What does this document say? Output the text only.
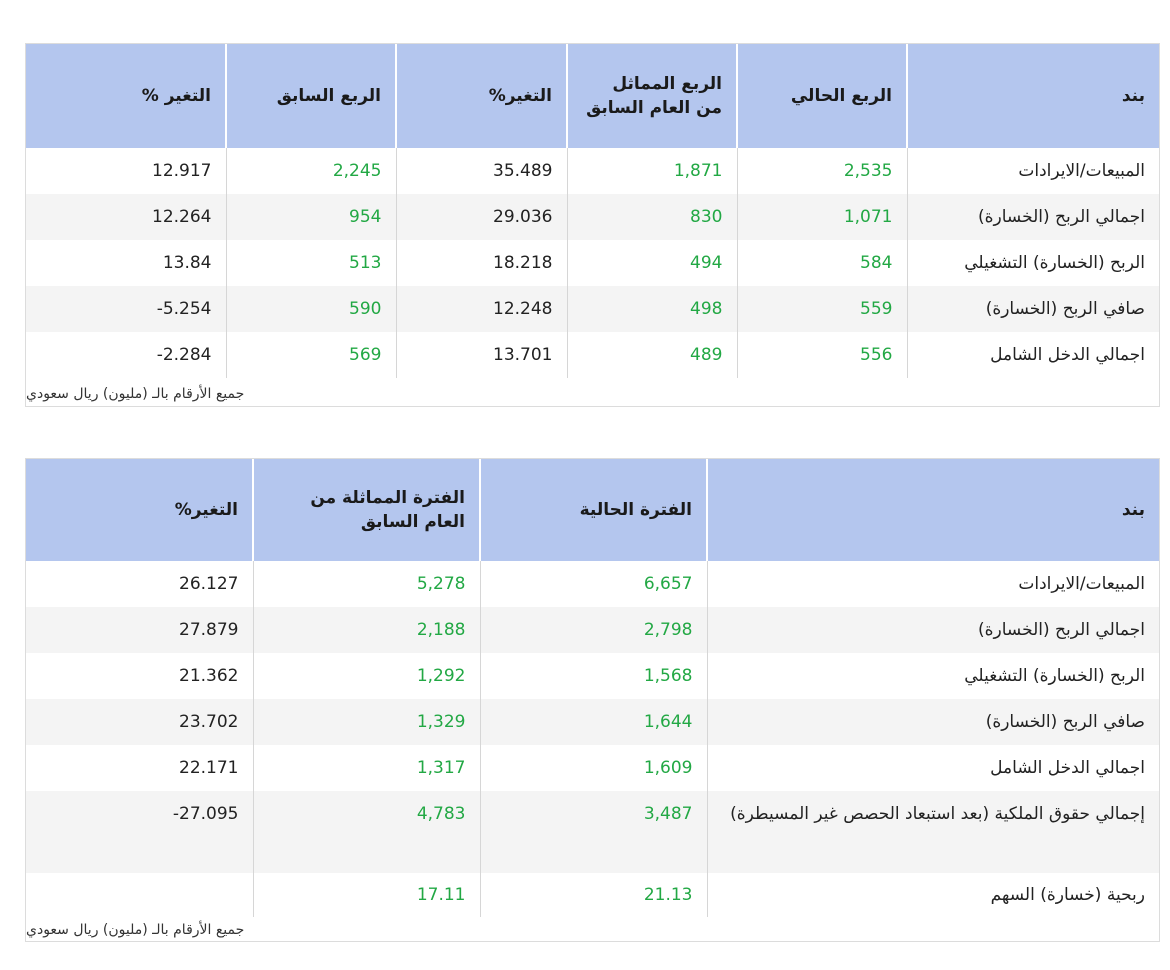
بند	الربع الحالي	الربع المماثل من العام السابق	التغير%	الربع السابق	التغير %
المبيعات/الايرادات	2,535	1,871	35.489	2,245	12.917
اجمالي الربح (الخسارة)	1,071	830	29.036	954	12.264
الربح (الخسارة) التشغيلي	584	494	18.218	513	13.84
صافي الربح (الخسارة)	559	498	12.248	590	5.254-
اجمالي الدخل الشامل	556	489	13.701	569	2.284-
جميع الأرقام بالـ (مليون) ريال سعودي
بند	الفترة الحالية	الفترة المماثلة من العام السابق	التغير%
المبيعات/الايرادات	6,657	5,278	26.127
اجمالي الربح (الخسارة)	2,798	2,188	27.879
الربح (الخسارة) التشغيلي	1,568	1,292	21.362
صافي الربح (الخسارة)	1,644	1,329	23.702
اجمالي الدخل الشامل	1,609	1,317	22.171
إجمالي حقوق الملكية (بعد استبعاد الحصص غير المسيطرة)	3,487	4,783	27.095-
ربحية (خسارة) السهم	21.13	17.11	
جميع الأرقام بالـ (مليون) ريال سعودي
